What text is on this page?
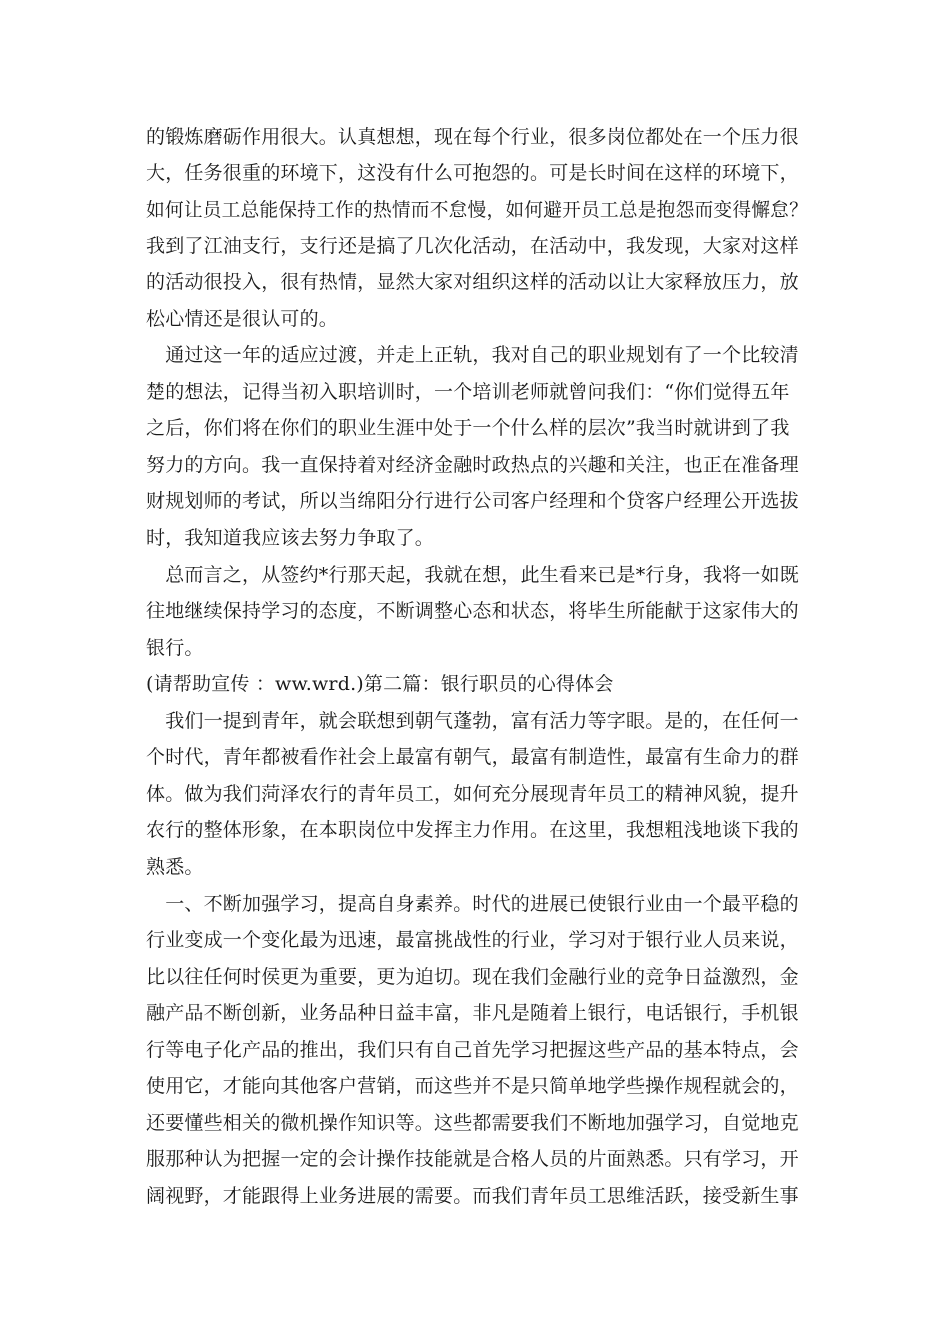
的锻炼磨砺作用很大。认真想想，现在每个行业，很多岗位都处在一个压力很
大，任务很重的环境下，这没有什么可抱怨的。可是长时间在这样的环境下，
如何让员工总能保持工作的热情而不怠慢，如何避开员工总是抱怨而变得懈怠？
我到了江油支行，支行还是搞了几次化活动，在活动中，我发现，大家对这样
的活动很投入，很有热情，显然大家对组织这样的活动以让大家释放压力，放
松心情还是很认可的。
　通过这一年的适应过渡，并走上正轨，我对自己的职业规划有了一个比较清
楚的想法，记得当初入职培训时，一个培训老师就曾问我们：“你们觉得五年
之后，你们将在你们的职业生涯中处于一个什么样的层次”我当时就讲到了我
努力的方向。我一直保持着对经济金融时政热点的兴趣和关注，也正在准备理
财规划师的考试，所以当绵阳分行进行公司客户经理和个贷客户经理公开选拔
时，我知道我应该去努力争取了。
　总而言之，从签约*行那天起，我就在想，此生看来已是*行身，我将一如既
往地继续保持学习的态度，不断调整心态和状态，将毕生所能献于这家伟大的
银行。
(请帮助宣传 ：ww.wrd.)第二篇：银行职员的心得体会
　我们一提到青年，就会联想到朝气蓬勃，富有活力等字眼。是的，在任何一
个时代，青年都被看作社会上最富有朝气，最富有制造性，最富有生命力的群
体。做为我们菏泽农行的青年员工，如何充分展现青年员工的精神风貌，提升
农行的整体形象，在本职岗位中发挥主力作用。在这里，我想粗浅地谈下我的
熟悉。
　一、不断加强学习，提高自身素养。时代的进展已使银行业由一个最平稳的
行业变成一个变化最为迅速，最富挑战性的行业，学习对于银行业人员来说，
比以往任何时侯更为重要，更为迫切。现在我们金融行业的竞争日益激烈，金
融产品不断创新，业务品种日益丰富，非凡是随着上银行，电话银行，手机银
行等电子化产品的推出，我们只有自己首先学习把握这些产品的基本特点，会
使用它，才能向其他客户营销，而这些并不是只简单地学些操作规程就会的，
还要懂些相关的微机操作知识等。这些都需要我们不断地加强学习，自觉地克
服那种认为把握一定的会计操作技能就是合格人员的片面熟悉。只有学习，开
阔视野，才能跟得上业务进展的需要。而我们青年员工思维活跃，接受新生事
